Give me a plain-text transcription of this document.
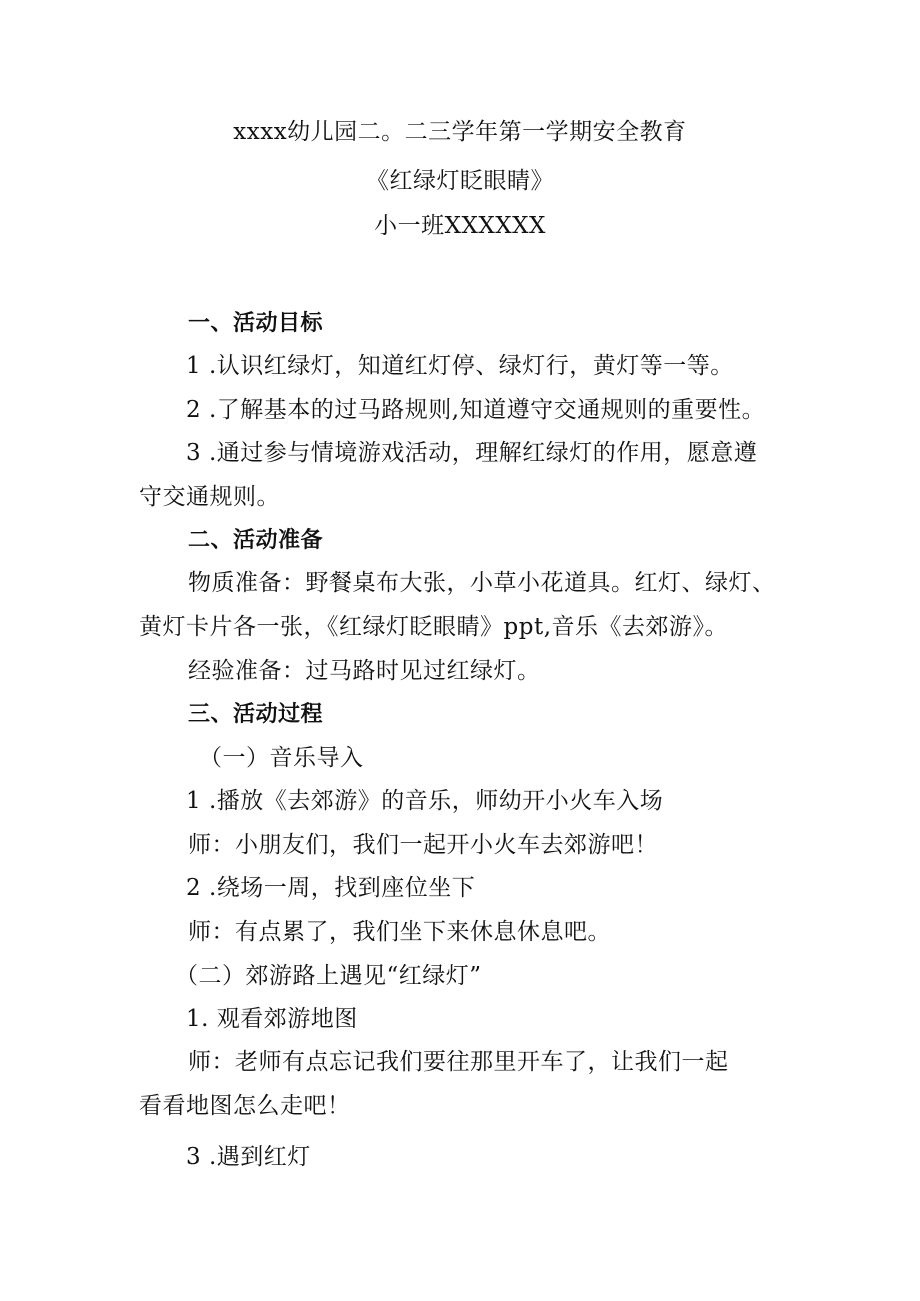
xxxx幼儿园二。二三学年第一学期安全教育
《红绿灯眨眼睛》
小一班XXXXXX
一、活动目标
1 .认识红绿灯，知道红灯停、绿灯行，黄灯等一等。
2 .了解基本的过马路规则,知道遵守交通规则的重要性。
3 .通过参与情境游戏活动，理解红绿灯的作用，愿意遵
守交通规则。
二、活动准备
物质准备：野餐桌布大张，小草小花道具。红灯、绿灯、
黄灯卡片各一张，《红绿灯眨眼睛》ppt,音乐《去郊游》。
经验准备：过马路时见过红绿灯。
三、活动过程
（一）音乐导入
1 .播放《去郊游》的音乐，师幼开小火车入场
师：小朋友们，我们一起开小火车去郊游吧！
2 .绕场一周，找到座位坐下
师：有点累了，我们坐下来休息休息吧。
（二）郊游路上遇见“红绿灯”
1. 观看郊游地图
师：老师有点忘记我们要往那里开车了，让我们一起
看看地图怎么走吧！
3 .遇到红灯
